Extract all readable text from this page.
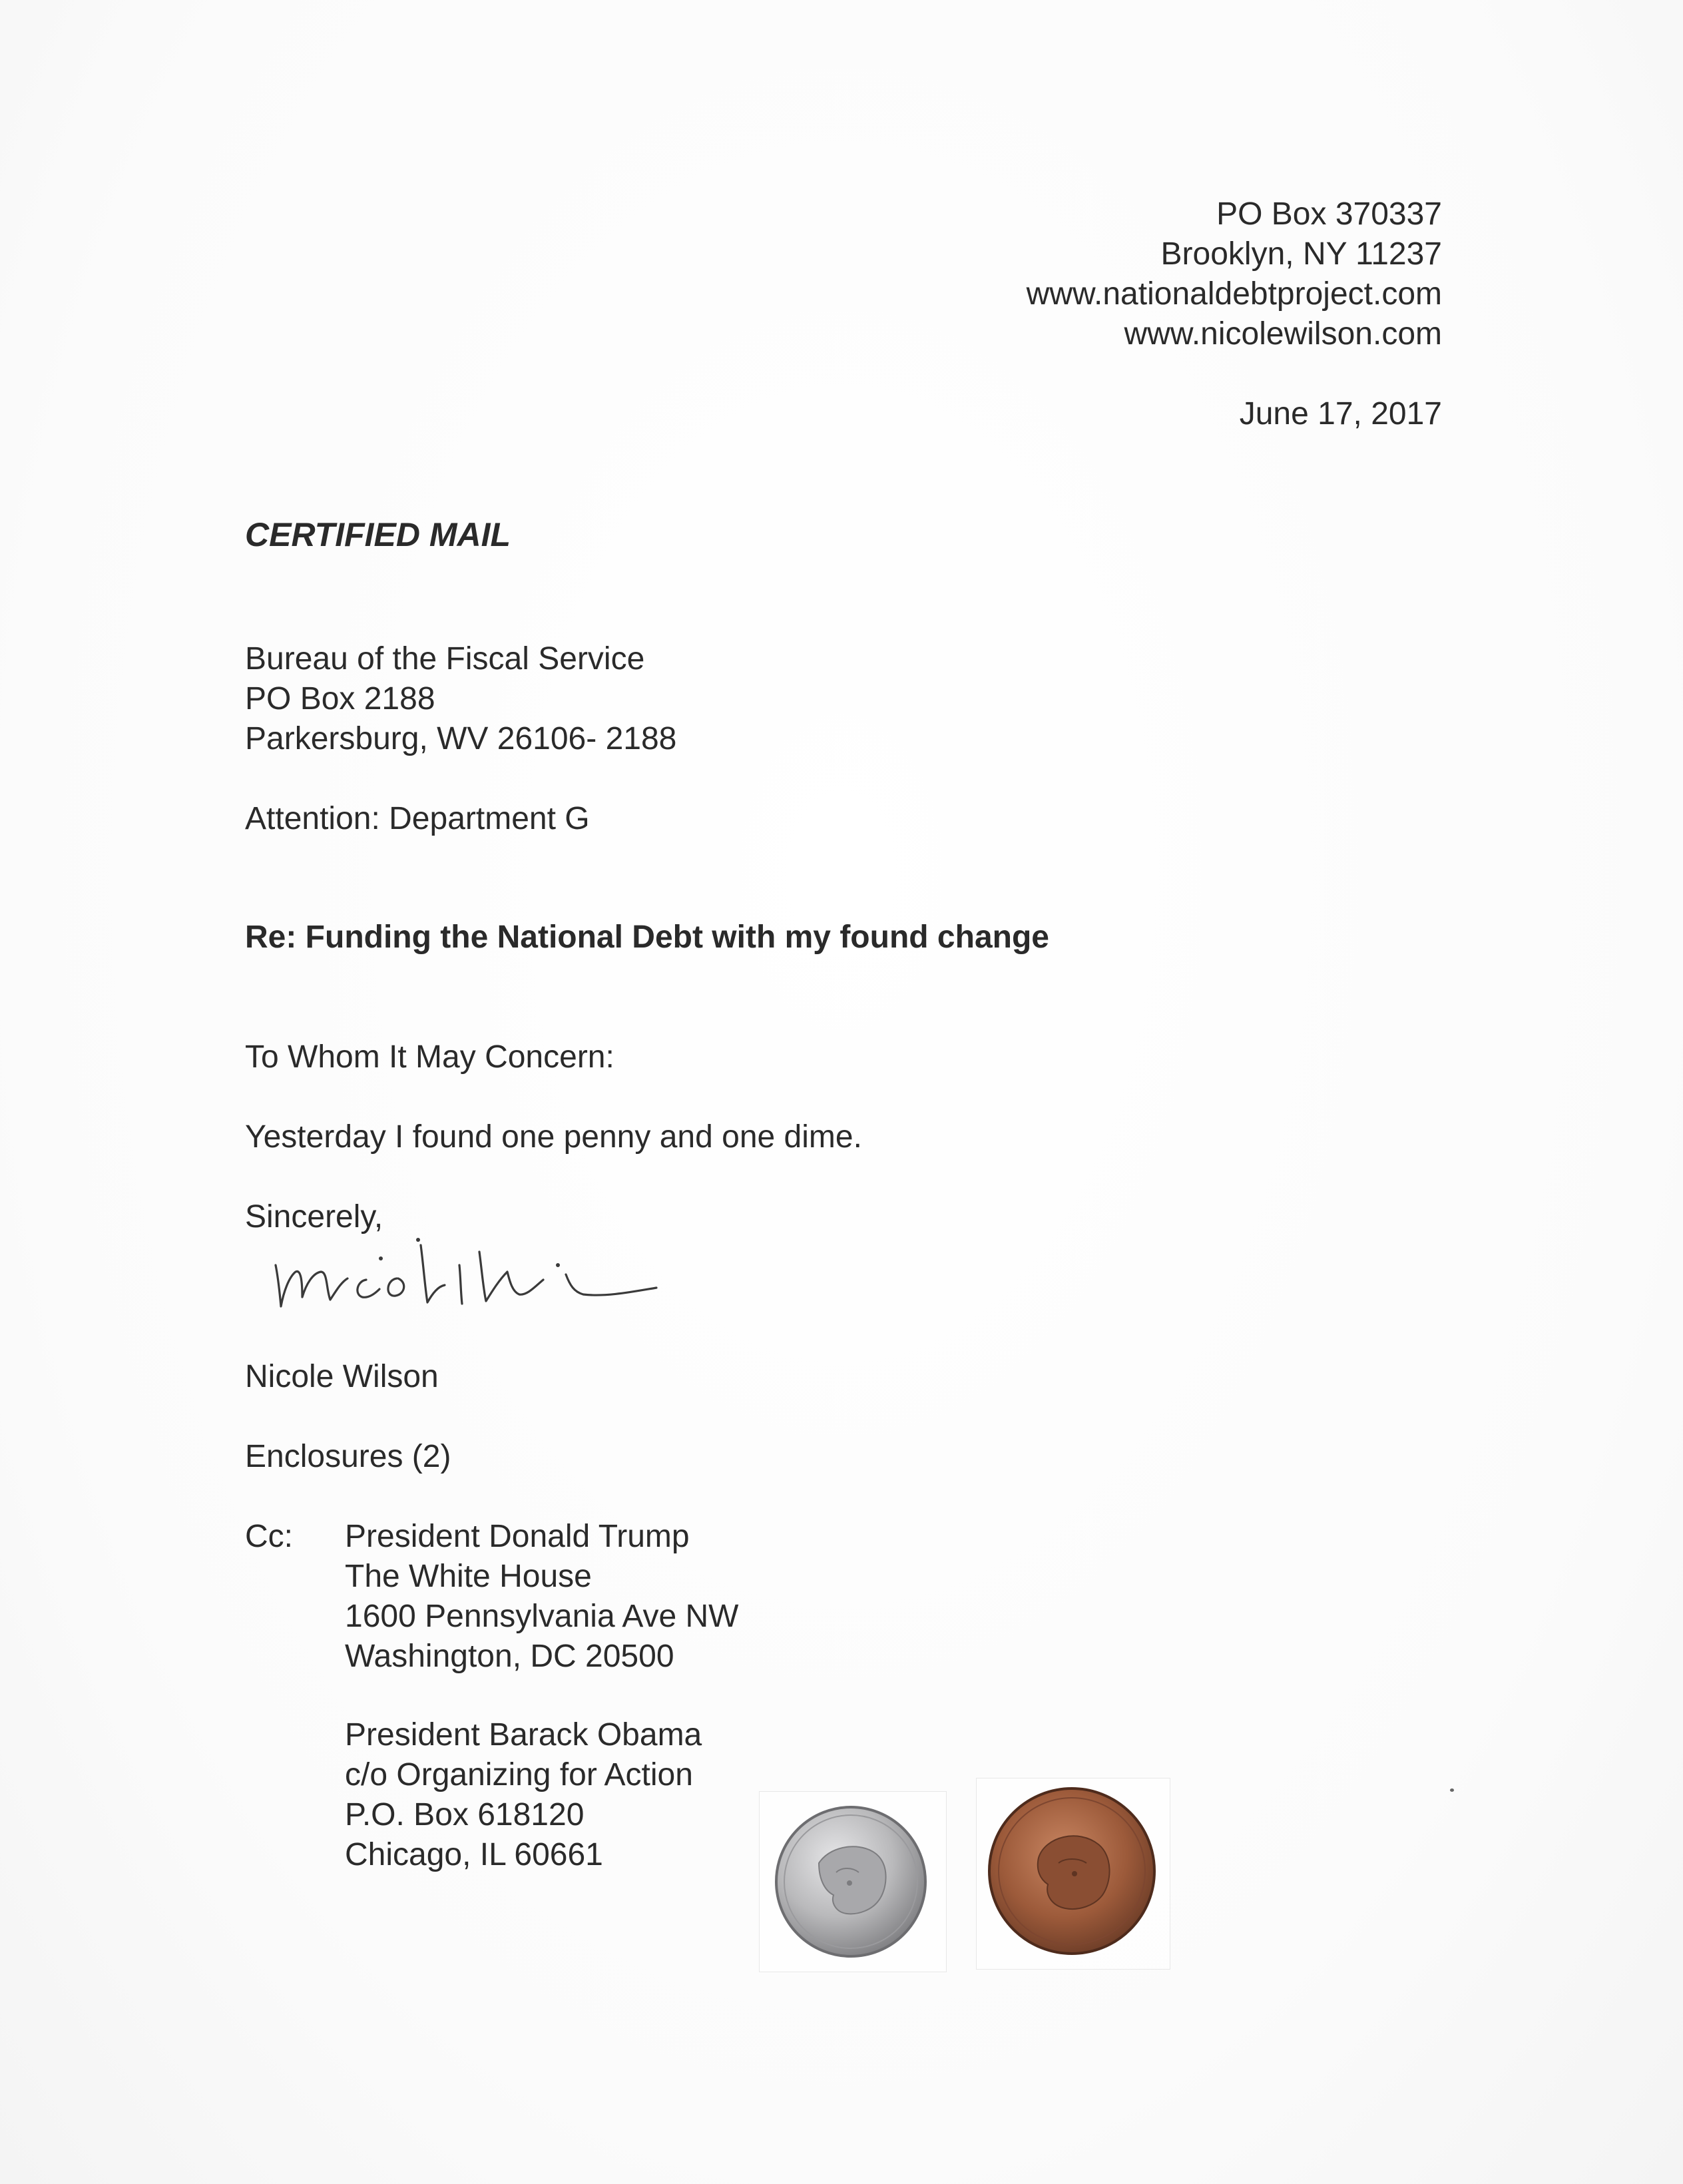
PO Box 370337
Brooklyn, NY 11237
www.nationaldebtproject.com
www.nicolewilson.com
June 17, 2017
CERTIFIED MAIL
Bureau of the Fiscal Service
PO Box 2188
Parkersburg, WV 26106- 2188
Attention: Department G
Re: Funding the National Debt with my found change
To Whom It May Concern:
Yesterday I found one penny and one dime.
Sincerely,
Nicole Wilson
Enclosures (2)
Cc: President Donald Trump
The White House
1600 Pennsylvania Ave NW
Washington, DC 20500
President Barack Obama
c/o Organizing for Action
P.O. Box 618120
Chicago, IL 60661
